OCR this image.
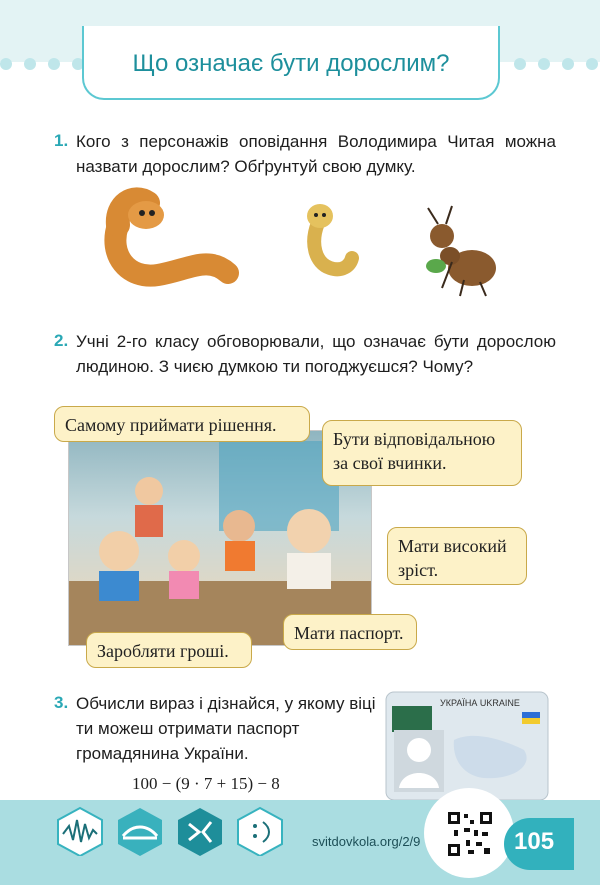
Що означає бути дорослим?
1. Кого з персонажів оповідання Володимира Читая можна назвати дорослим? Обґрунтуй свою думку.
2. Учні 2-го класу обговорювали, що означає бути дорослою людиною. З чиєю думкою ти погоджуєшся? Чому?
Самому приймати рішення.
Бути відповідальною за свої вчинки.
Мати високий зріст.
Мати паспорт.
Заробляти гроші.
3. Обчисли вираз і дізнайся, у якому віці ти можеш отримати паспорт громадянина України.
100 − (9 · 7 + 15) − 8
УКРАЇНА UKRAINE
svitdovkola.org/2/9	105
